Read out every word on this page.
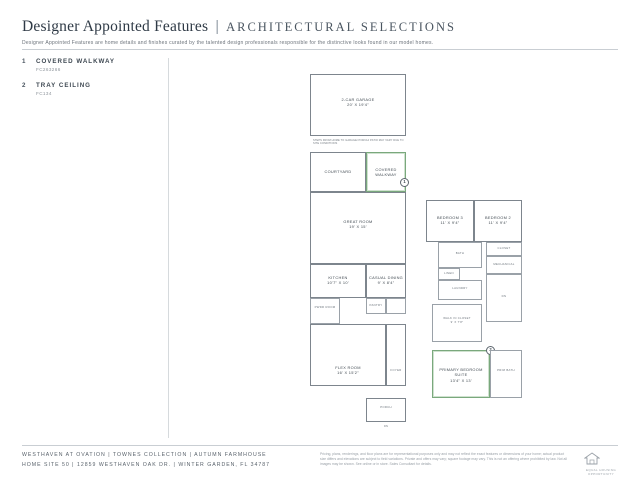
Designer Appointed Features | ARCHITECTURAL SELECTIONS
Designer Appointed Features are home details and finishes curated by the talented design professionals responsible for the distinctive looks found in our model homes.
1	COVERED WALKWAY
FC263266
2	TRAY CEILING
FC134
2-CAR GARAGE
20' X 19'4"
STEPS FROM HOME TO GARAGE/ PORCH/ PATIO MAY VARY DUE TO SITE CONDITIONS
COURTYARD	COVERED WALKWAY
1
GREAT ROOM
19' X 15'
CASUAL DINING
9' X 8'4"
KITCHEN
10'7" X 10'
PANTRY
PWDR ROOM
FLEX ROOM
16' X 15'2"
FOYER
PORCH
DN
BEDROOM 3
11' X 9'4"
BEDROOM 2
11' X 9'4"
CLOSET
MECHANICAL
BATH
LINEN
LAUNDRY
DN
WALK IN CLOSET
9' X 7'8"
PRIMARY BEDROOM SUITE
13'4" X 13'
PRIM BATH
WESTHAVEN AT OVATION | TOWNES COLLECTION | AUTUMN FARMHOUSE
HOME SITE 50 | 12859 WESTHAVEN OAK DR. | WINTER GARDEN, FL 34787
Pricing, plans, renderings, and floor plans are for representational purposes only and may not reflect the exact features or dimensions of your home; actual product size differs and elevations are subject to field variations. Private and offers may vary; square footage may vary. This is not an offering where prohibited by law. Not all images may be shown. See online or in store. Sales Consultant for details.
EQUAL HOUSING OPPORTUNITY
